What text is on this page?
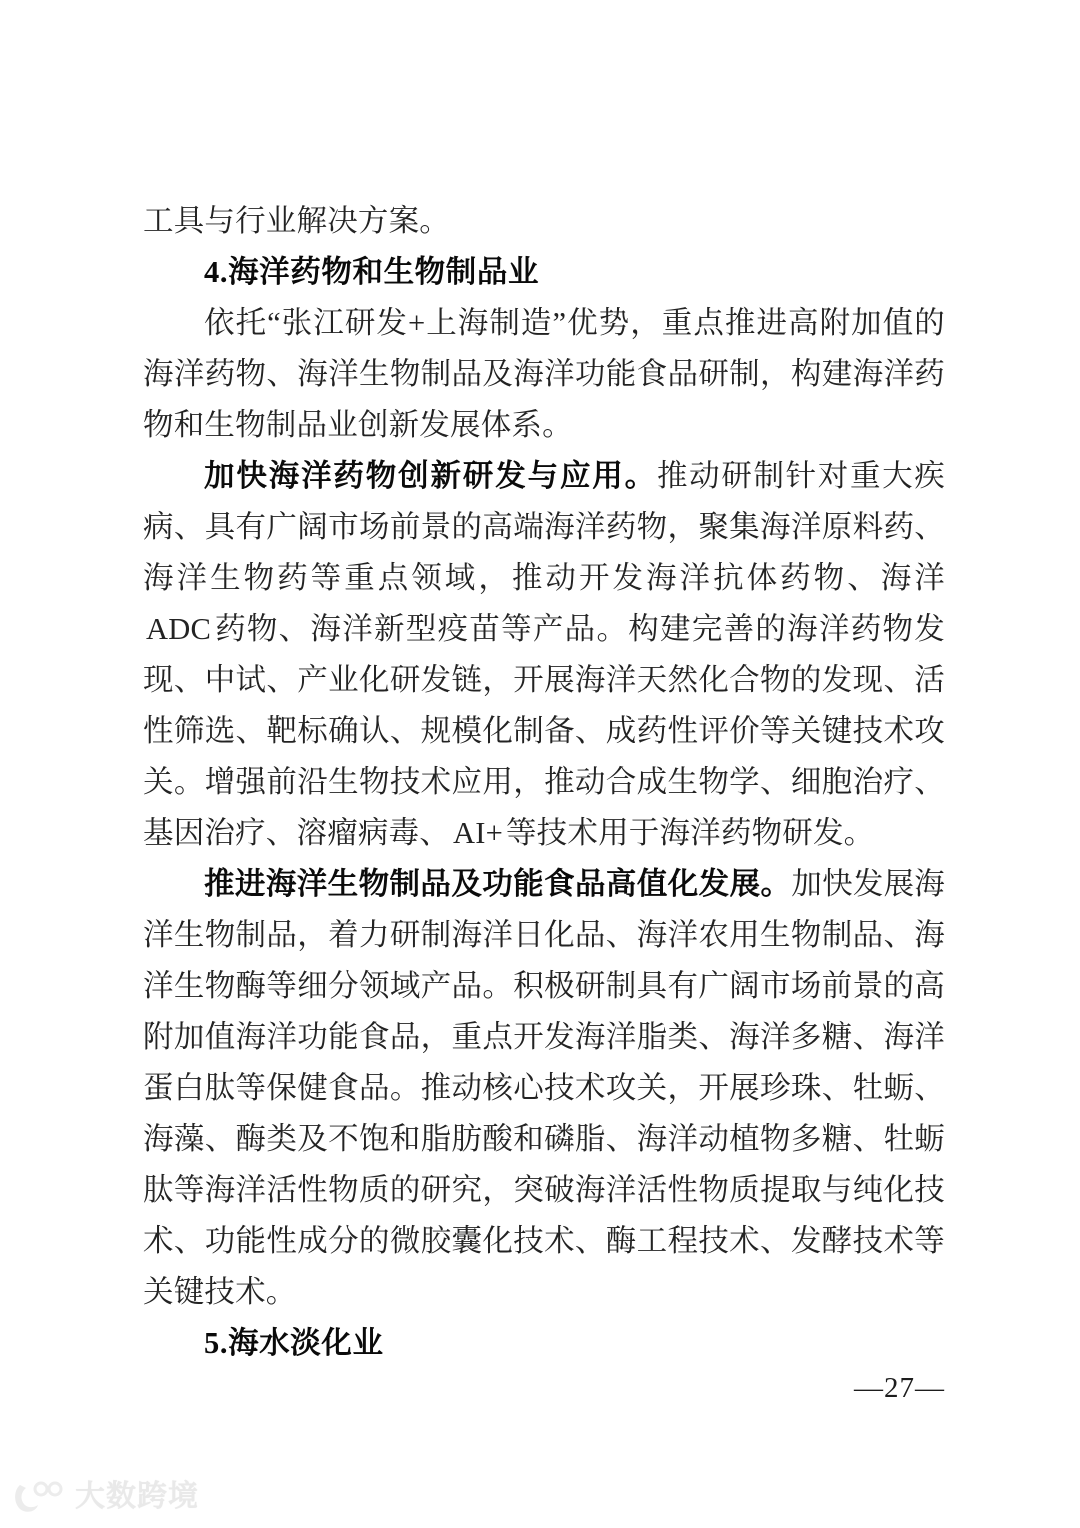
工具与行业解决方案。

4.海洋药物和生物制品业

依托“张江研发+上海制造”优势，重点推进高附加值的海洋药物、海洋生物制品及海洋功能食品研制，构建海洋药物和生物制品业创新发展体系。

加快海洋药物创新研发与应用。推动研制针对重大疾病、具有广阔市场前景的高端海洋药物，聚集海洋原料药、海洋生物药等重点领域，推动开发海洋抗体药物、海洋ADC药物、海洋新型疫苗等产品。构建完善的海洋药物发现、中试、产业化研发链，开展海洋天然化合物的发现、活性筛选、靶标确认、规模化制备、成药性评价等关键技术攻关。增强前沿生物技术应用，推动合成生物学、细胞治疗、基因治疗、溶瘤病毒、AI+等技术用于海洋药物研发。

推进海洋生物制品及功能食品高值化发展。加快发展海洋生物制品，着力研制海洋日化品、海洋农用生物制品、海洋生物酶等细分领域产品。积极研制具有广阔市场前景的高附加值海洋功能食品，重点开发海洋脂类、海洋多糖、海洋蛋白肽等保健食品。推动核心技术攻关，开展珍珠、牡蛎、海藻、酶类及不饱和脂肪酸和磷脂、海洋动植物多糖、牡蛎肽等海洋活性物质的研究，突破海洋活性物质提取与纯化技术、功能性成分的微胶囊化技术、酶工程技术、发酵技术等关键技术。

5.海水淡化业

—27—
大数跨境
